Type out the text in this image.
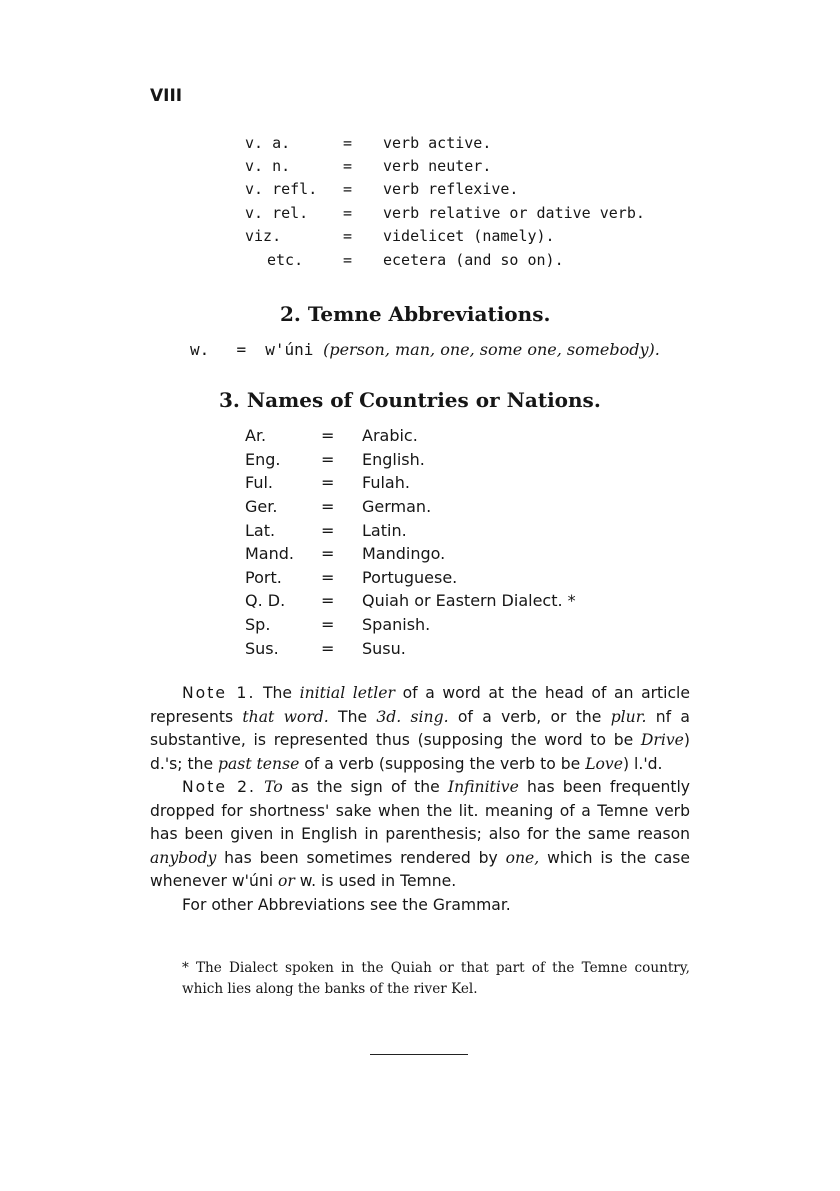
VIII
v. a.	=	verb active.
v. n.	=	verb neuter.
v. refl.	=	verb reflexive.
v. rel.	=	verb relative or dative verb.
viz.	=	videlicet (namely).
etc.	=	ecetera (and so on).
2. Temne Abbreviations.
w. = w'úni (person, man, one, some one, somebody).
3. Names of Countries or Nations.
Ar.	=	Arabic.
Eng.	=	English.
Ful.	=	Fulah.
Ger.	=	German.
Lat.	=	Latin.
Mand.	=	Mandingo.
Port.	=	Portuguese.
Q. D.	=	Quiah or Eastern Dialect. *
Sp.	=	Spanish.
Sus.	=	Susu.

Note 1. The initial letler of a word at the head of an article represents that word. The 3d. sing. of a verb, or the plur. nf a substantive, is represented thus (supposing the word to be Drive) d.'s; the past tense of a verb (supposing the verb to be Love) l.'d.

Note 2. To as the sign of the Infinitive has been frequently dropped for shortness' sake when the lit. meaning of a Temne verb has been given in English in parenthesis; also for the same reason anybody has been sometimes rendered by one, which is the case whenever w'úni or w. is used in Temne.

For other Abbreviations see the Grammar.

* The Dialect spoken in the Quiah or that part of the Temne country, which lies along the banks of the river Kel.
